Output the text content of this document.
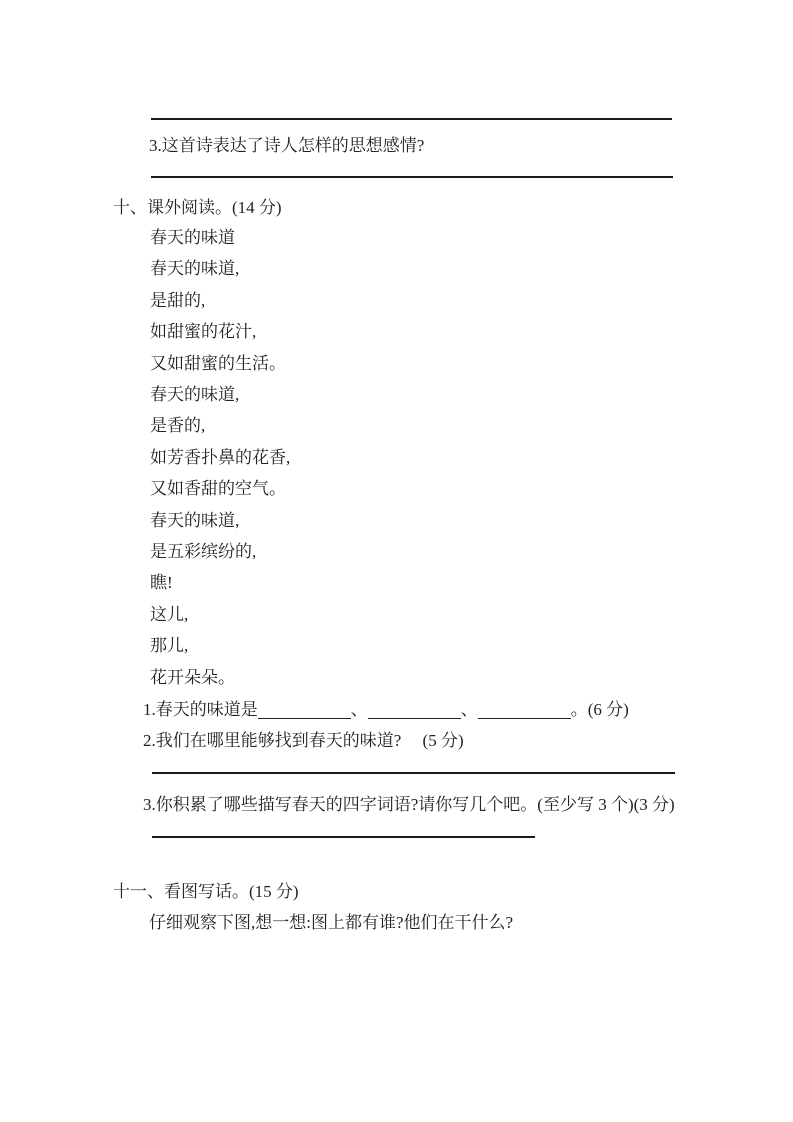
3.这首诗表达了诗人怎样的思想感情?
十、课外阅读。(14 分)
春天的味道
春天的味道,
是甜的,
如甜蜜的花汁,
又如甜蜜的生活。
春天的味道,
是香的,
如芳香扑鼻的花香,
又如香甜的空气。
春天的味道,
是五彩缤纷的,
瞧!
这儿,
那儿,
花开朵朵。
1.春天的味道是	、	、	。(6 分)
2.我们在哪里能够找到春天的味道?　 (5 分)
3.你积累了哪些描写春天的四字词语?请你写几个吧。(至少写 3 个)(3 分)
十一、看图写话。(15 分)
仔细观察下图,想一想:图上都有谁?他们在干什么?
